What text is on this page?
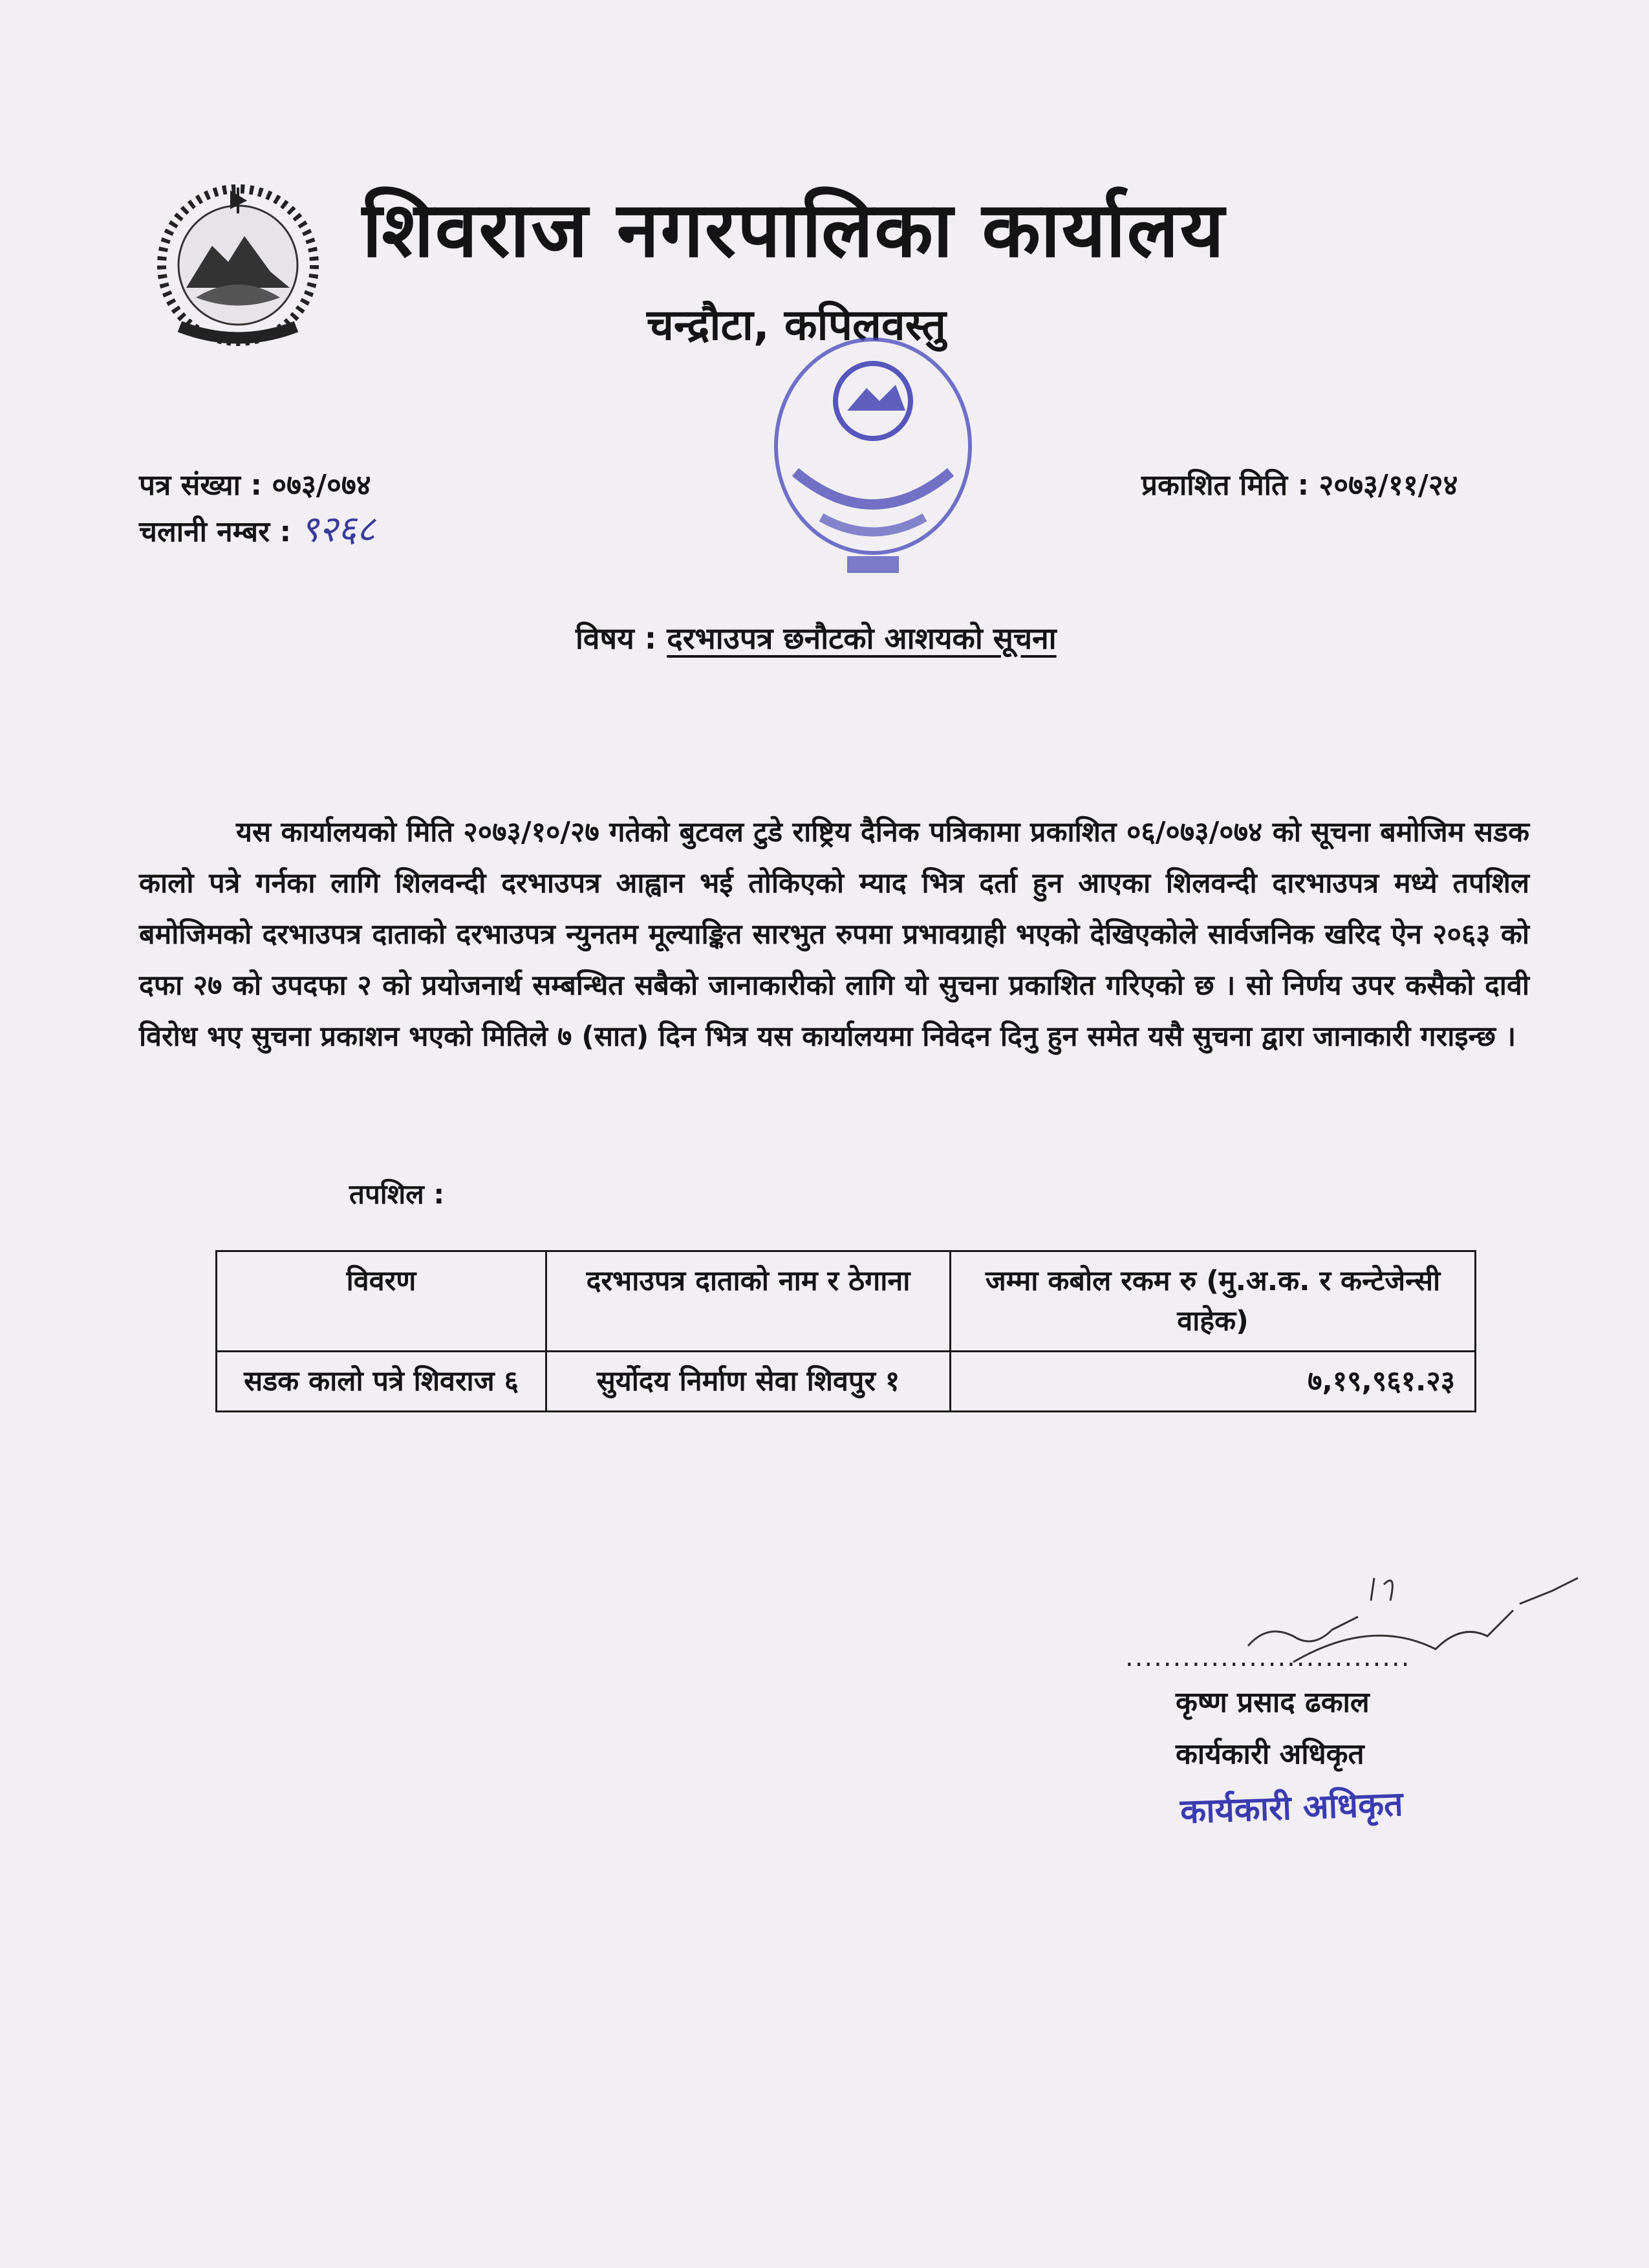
शिवराज नगरपालिका कार्यालय
चन्द्रौटा, कपिलवस्तु
पत्र संख्या : ०७३/०७४
चलानी नम्बर : ९२६८
प्रकाशित मिति : २०७३/११/२४
विषय : दरभाउपत्र छनौटको आशयको सूचना
यस कार्यालयको मिति २०७३/१०/२७ गतेको बुटवल टुडे राष्ट्रिय दैनिक पत्रिकामा प्रकाशित ०६/०७३/०७४ को सूचना बमोजिम सडक कालो पत्रे गर्नका लागि शिलवन्दी दरभाउपत्र आह्वान भई तोकिएको म्याद भित्र दर्ता हुन आएका शिलवन्दी दारभाउपत्र मध्ये तपशिल बमोजिमको दरभाउपत्र दाताको दरभाउपत्र न्युनतम मूल्याङ्कित सारभुत रुपमा प्रभावग्राही भएको देखिएकोले सार्वजनिक खरिद ऐन २०६३ को दफा २७ को उपदफा २ को प्रयोजनार्थ सम्बन्धित सबैको जानाकारीको लागि यो सुचना प्रकाशित गरिएको छ । सो निर्णय उपर कसैको दावी विरोध भए सुचना प्रकाशन भएको मितिले ७ (सात) दिन भित्र यस कार्यालयमा निवेदन दिनु हुन समेत यसै सुचना द्वारा जानाकारी गराइन्छ ।
तपशिल :
विवरण	दरभाउपत्र दाताको नाम र ठेगाना	जम्मा कबोल रकम रु (मु.अ.क. र कन्टेजेन्सी वाहेक)
सडक कालो पत्रे शिवराज ६	सुर्योदय निर्माण सेवा शिवपुर १	७,१९,९६१.२३
..............................
कृष्ण प्रसाद ढकाल
कार्यकारी अधिकृत
कार्यकारी अधिकृत
